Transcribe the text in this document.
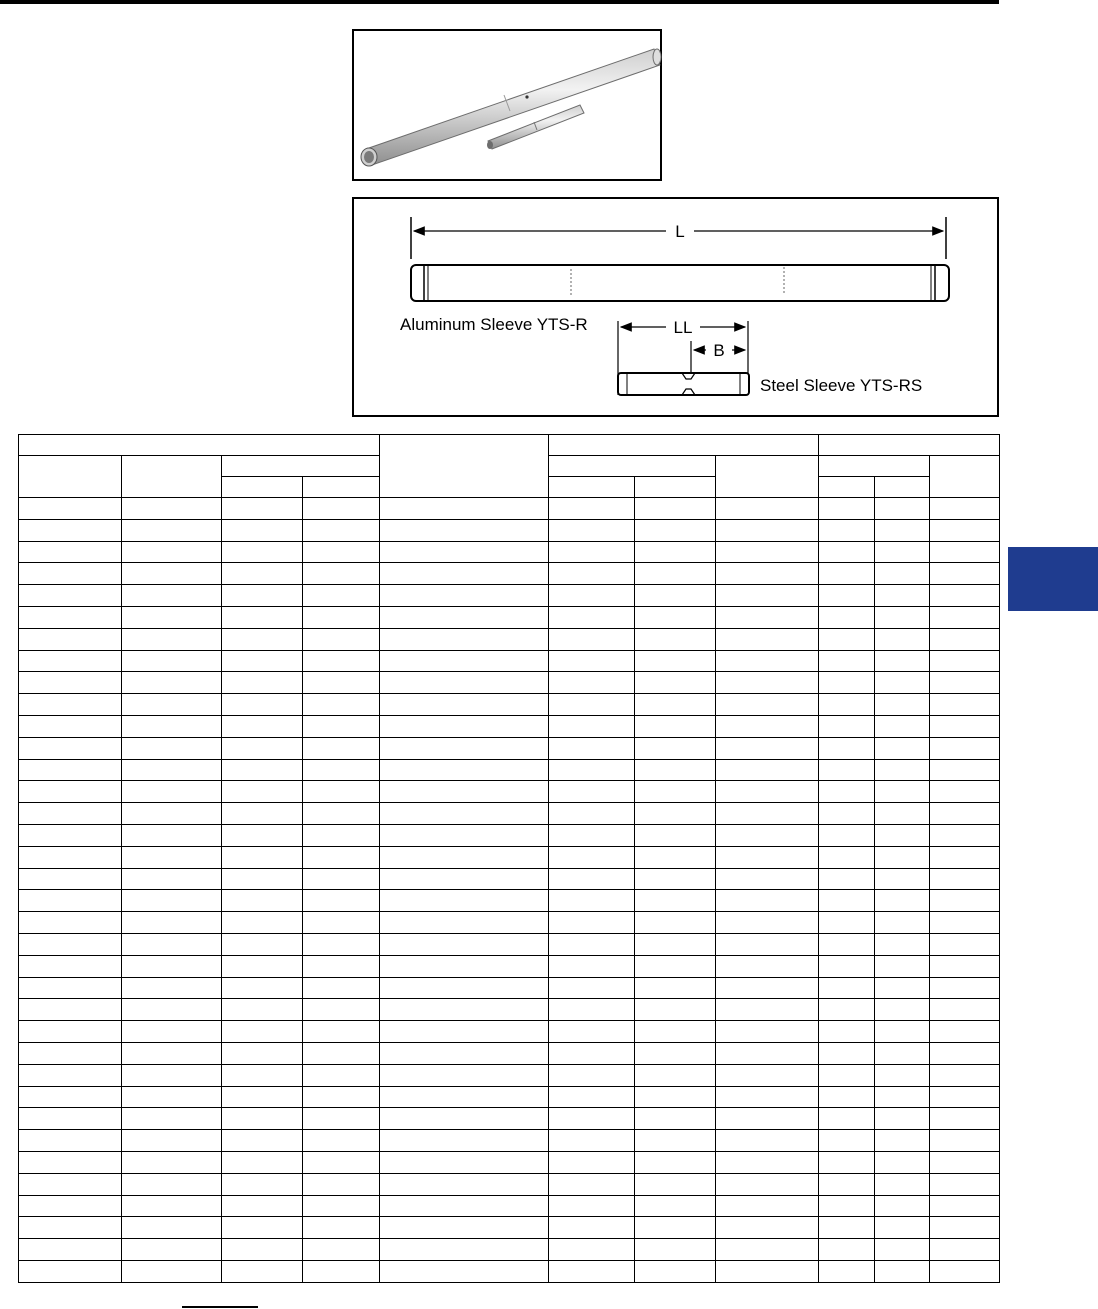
L
Aluminum Sleeve YTS-R	LL
B
Steel Sleeve YTS-RS
